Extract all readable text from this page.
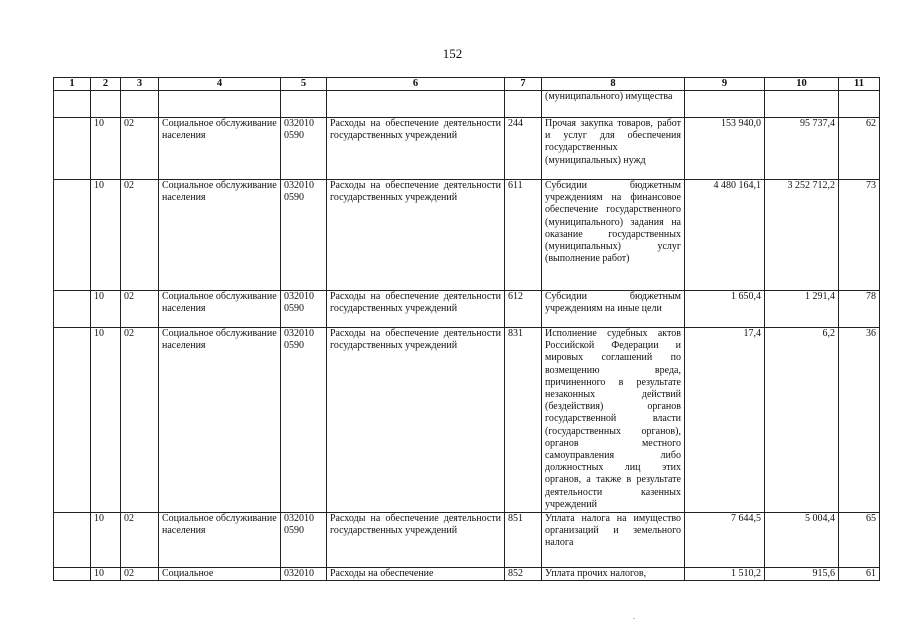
152
1	2	3	4	5	6	7	8	9	10	11

							(муниципального) имущества			

	10	02	Социальное обслуживание населения	032010 0590	Расходы на обеспечение деятельности государственных учреждений	244	Прочая закупка товаров, работ и услуг для обеспечения государственных (муниципальных) нужд	153 940,0	95 737,4	62

	10	02	Социальное обслуживание населения	032010 0590	Расходы на обеспечение деятельности государственных учреждений	611	Субсидии бюджетным учреждениям на финансовое обеспечение государственного (муниципального) задания на оказание государственных (муниципальных) услуг (выполнение работ)	4 480 164,1	3 252 712,2	73

	10	02	Социальное обслуживание населения	032010 0590	Расходы на обеспечение деятельности государственных учреждений	612	Субсидии бюджетным учреждениям на иные цели	1 650,4	1 291,4	78

	10	02	Социальное обслуживание населения	032010 0590	Расходы на обеспечение деятельности государственных учреждений	831	Исполнение судебных актов Российской Федерации и мировых соглашений по возмещению вреда, причиненного в результате незаконных действий (бездействия) органов государственной власти (государственных органов), органов местного самоуправления либо должностных лиц этих органов, а также в результате деятельности казенных учреждений	17,4	6,2	36

	10	02	Социальное обслуживание населения	032010 0590	Расходы на обеспечение деятельности государственных учреждений	851	Уплата налога на имущество организаций и земельного налога	7 644,5	5 004,4	65

	10	02	Социальное	032010	Расходы на обеспечение	852	Уплата прочих налогов,	1 510,2	915,6	61
.
